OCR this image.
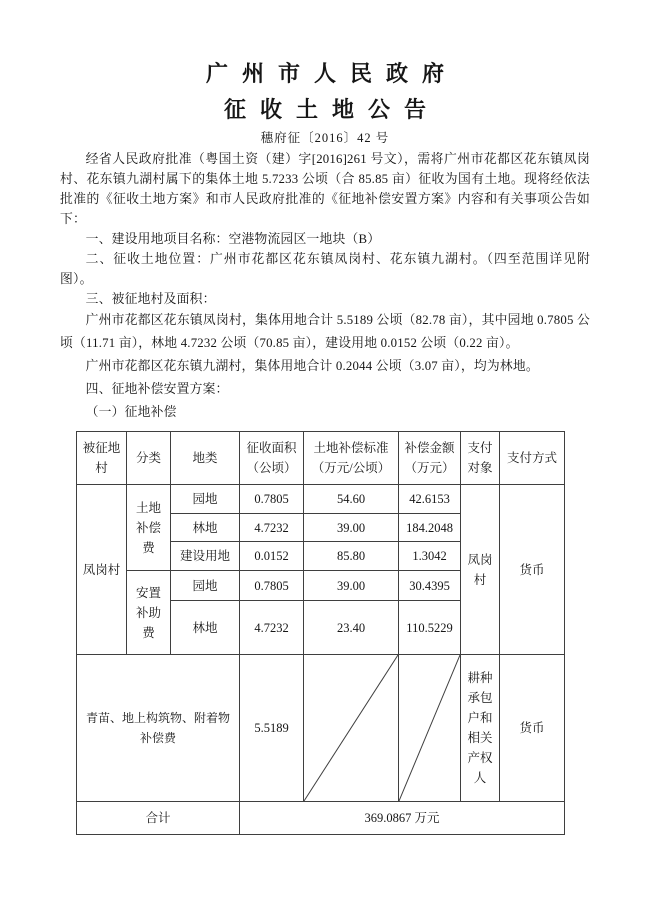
广州市人民政府
征收土地公告
穗府征〔2016〕42 号

经省人民政府批准（粤国土资（建）字[2016]261 号文），需将广州市花都区花东镇凤岗村、花东镇九湖村属下的集体土地 5.7233 公顷（合 85.85 亩）征收为国有土地。现将经依法批准的《征收土地方案》和市人民政府批准的《征地补偿安置方案》内容和有关事项公告如下：

一、建设用地项目名称：空港物流园区一地块（B）

二、征收土地位置：广州市花都区花东镇凤岗村、花东镇九湖村。（四至范围详见附图）。

三、被征地村及面积：

广州市花都区花东镇凤岗村，集体用地合计 5.5189 公顷（82.78 亩），其中园地 0.7805 公顷（11.71 亩），林地 4.7232 公顷（70.85 亩），建设用地 0.0152 公顷（0.22 亩）。

广州市花都区花东镇九湖村，集体用地合计 0.2044 公顷（3.07 亩），均为林地。

四、征地补偿安置方案：

（一）征地补偿

被征地村	分类	地类	征收面积（公顷）	土地补偿标准（万元/公顷）	补偿金额（万元）	支付对象	支付方式
凤岗村	土地补偿费	园地	0.7805	54.60	42.6153	凤岗村	货币
		林地	4.7232	39.00	184.2048		
		建设用地	0.0152	85.80	1.3042		
	安置补助费	园地	0.7805	39.00	30.4395		
		林地	4.7232	23.40	110.5229		
青苗、地上构筑物、附着物补偿费			5.5189			耕种承包户和相关产权人	货币
合计			369.0867 万元				
